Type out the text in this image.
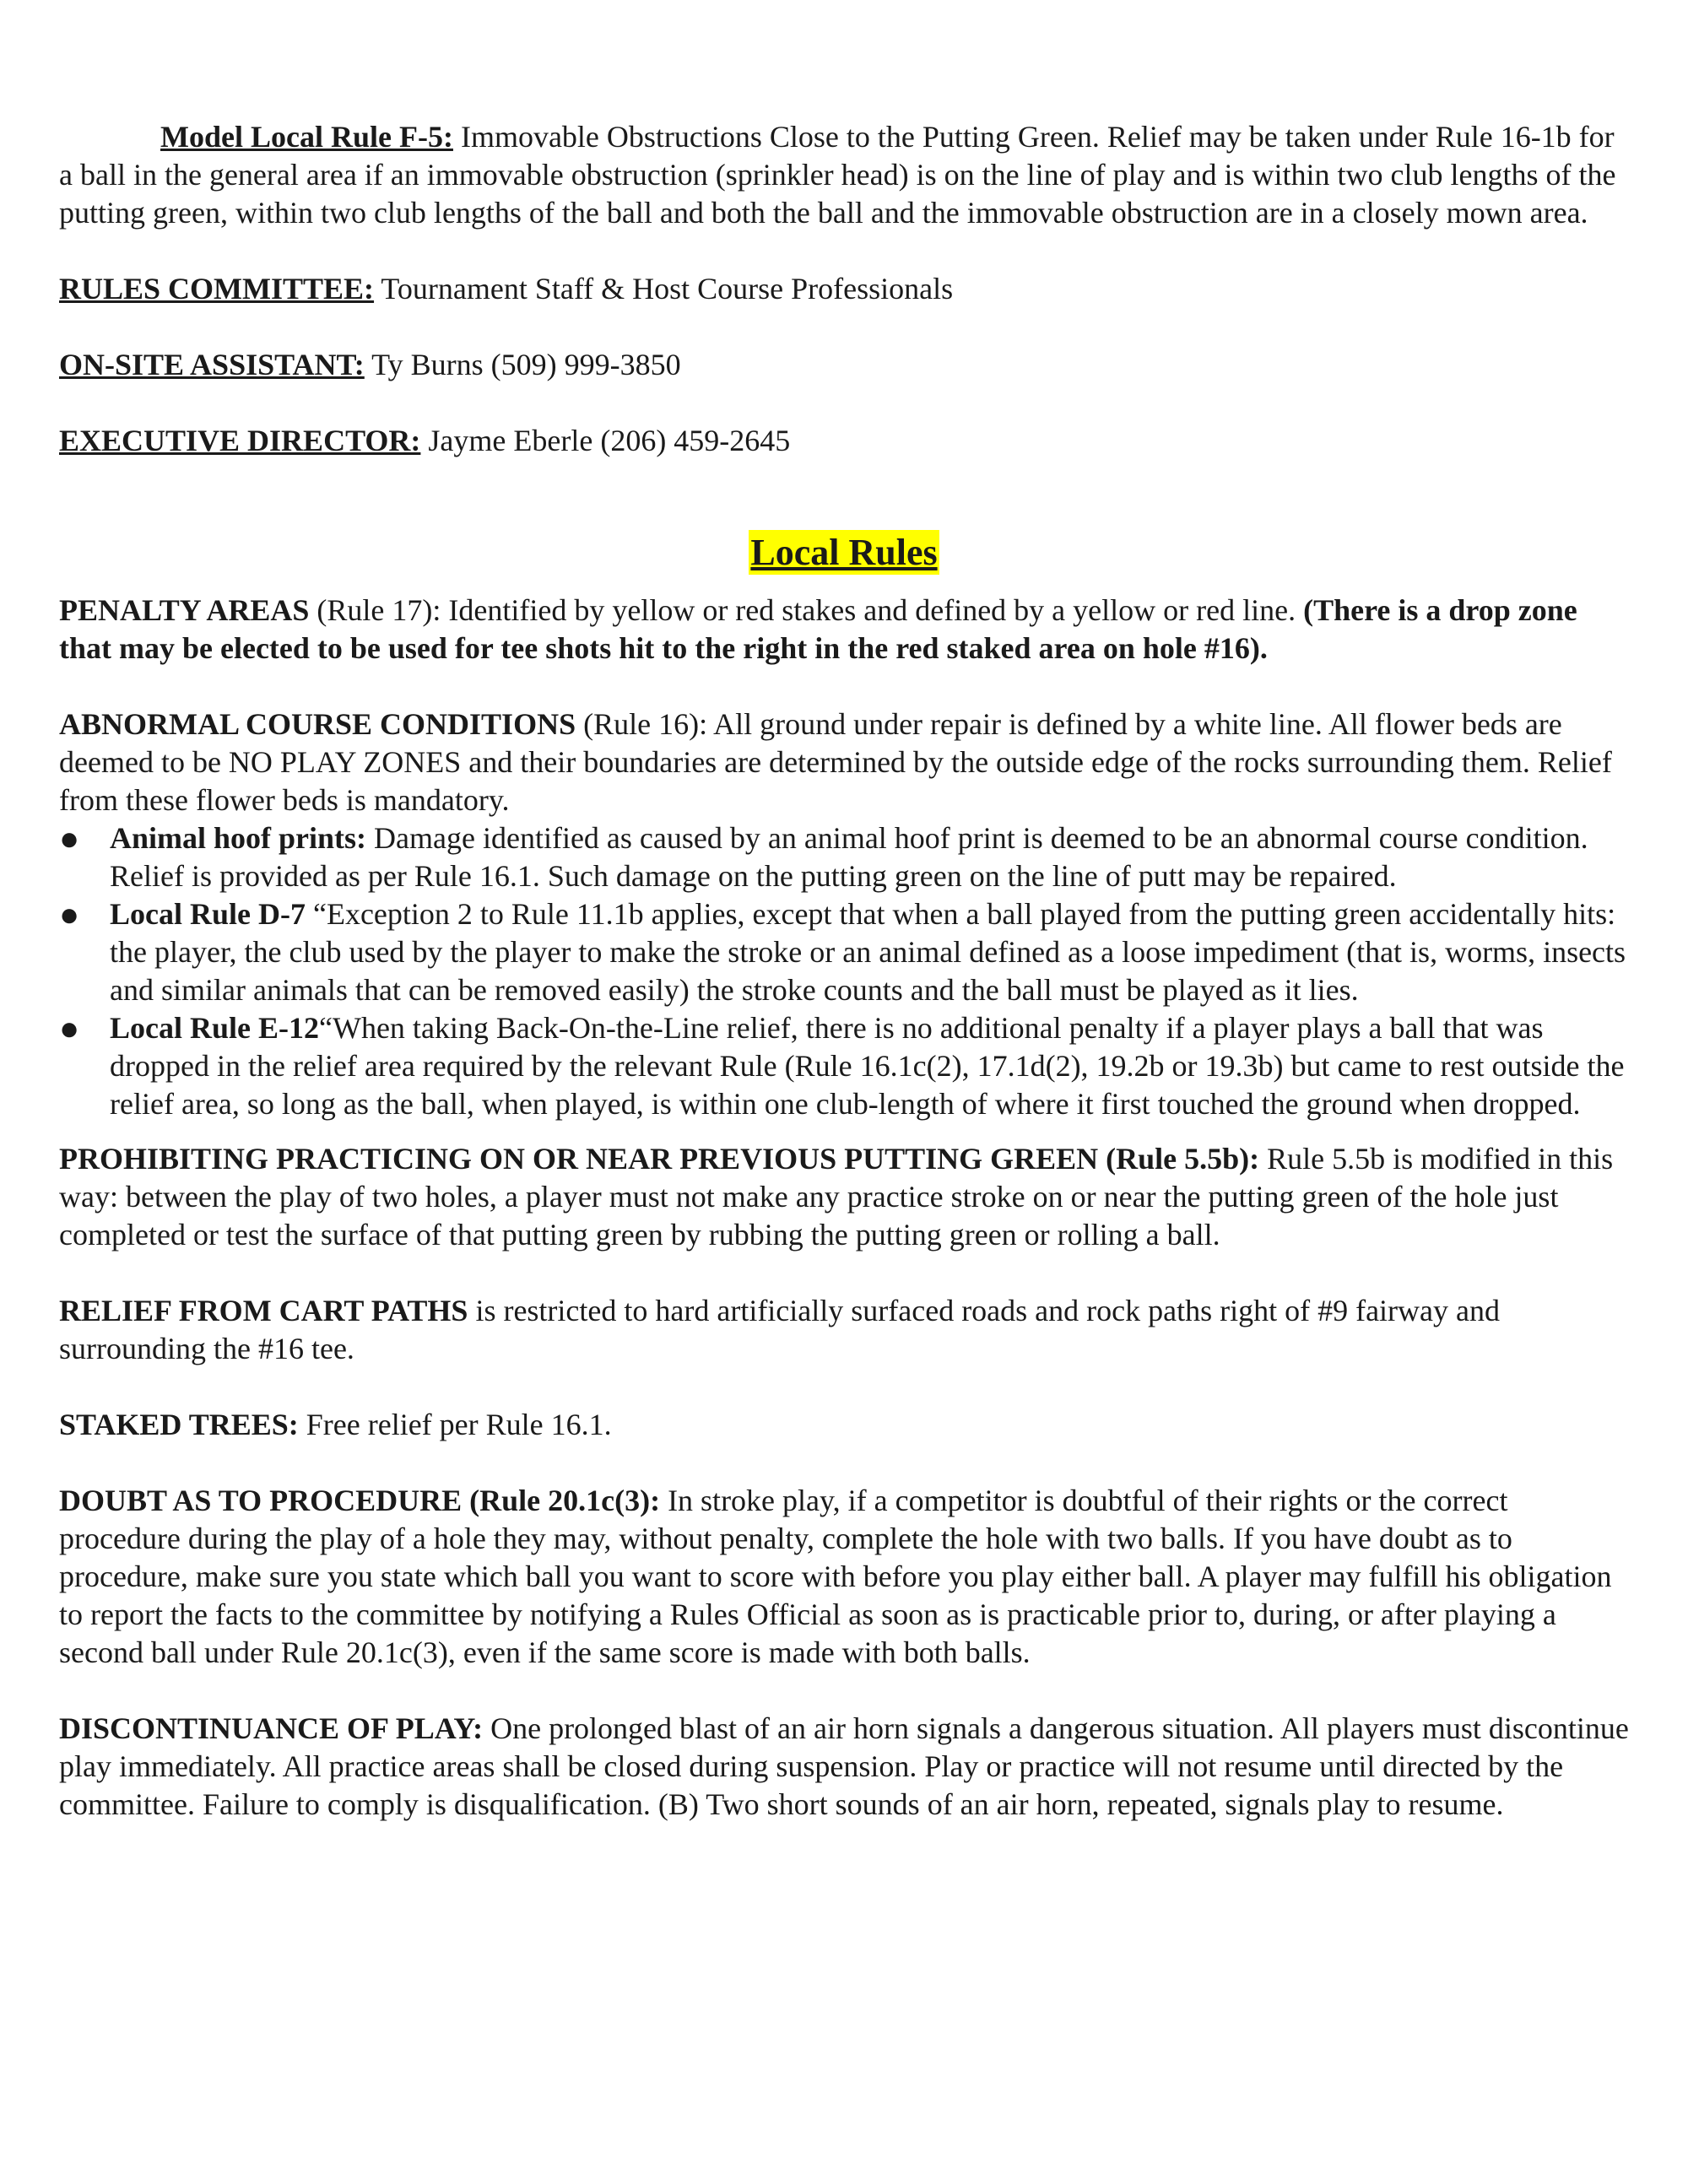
Model Local Rule F-5: Immovable Obstructions Close to the Putting Green. Relief may be taken under Rule 16-1b for a ball in the general area if an immovable obstruction (sprinkler head) is on the line of play and is within two club lengths of the putting green, within two club lengths of the ball and both the ball and the immovable obstruction are in a closely mown area.

RULES COMMITTEE: Tournament Staff & Host Course Professionals

ON-SITE ASSISTANT: Ty Burns (509) 999-3850

EXECUTIVE DIRECTOR: Jayme Eberle (206) 459-2645

Local Rules

PENALTY AREAS (Rule 17): Identified by yellow or red stakes and defined by a yellow or red line. (There is a drop zone that may be elected to be used for tee shots hit to the right in the red staked area on hole #16).

ABNORMAL COURSE CONDITIONS (Rule 16): All ground under repair is defined by a white line. All flower beds are deemed to be NO PLAY ZONES and their boundaries are determined by the outside edge of the rocks surrounding them. Relief from these flower beds is mandatory.

● Animal hoof prints: Damage identified as caused by an animal hoof print is deemed to be an abnormal course condition. Relief is provided as per Rule 16.1. Such damage on the putting green on the line of putt may be repaired.
● Local Rule D-7 “Exception 2 to Rule 11.1b applies, except that when a ball played from the putting green accidentally hits: the player, the club used by the player to make the stroke or an animal defined as a loose impediment (that is, worms, insects and similar animals that can be removed easily) the stroke counts and the ball must be played as it lies.
● Local Rule E-12“When taking Back-On-the-Line relief, there is no additional penalty if a player plays a ball that was dropped in the relief area required by the relevant Rule (Rule 16.1c(2), 17.1d(2), 19.2b or 19.3b) but came to rest outside the relief area, so long as the ball, when played, is within one club-length of where it first touched the ground when dropped.

PROHIBITING PRACTICING ON OR NEAR PREVIOUS PUTTING GREEN (Rule 5.5b): Rule 5.5b is modified in this way: between the play of two holes, a player must not make any practice stroke on or near the putting green of the hole just completed or test the surface of that putting green by rubbing the putting green or rolling a ball.

RELIEF FROM CART PATHS is restricted to hard artificially surfaced roads and rock paths right of #9 fairway and surrounding the #16 tee.

STAKED TREES: Free relief per Rule 16.1.

DOUBT AS TO PROCEDURE (Rule 20.1c(3): In stroke play, if a competitor is doubtful of their rights or the correct procedure during the play of a hole they may, without penalty, complete the hole with two balls. If you have doubt as to procedure, make sure you state which ball you want to score with before you play either ball. A player may fulfill his obligation to report the facts to the committee by notifying a Rules Official as soon as is practicable prior to, during, or after playing a second ball under Rule 20.1c(3), even if the same score is made with both balls.

DISCONTINUANCE OF PLAY: One prolonged blast of an air horn signals a dangerous situation. All players must discontinue play immediately. All practice areas shall be closed during suspension. Play or practice will not resume until directed by the committee. Failure to comply is disqualification. (B) Two short sounds of an air horn, repeated, signals play to resume.
